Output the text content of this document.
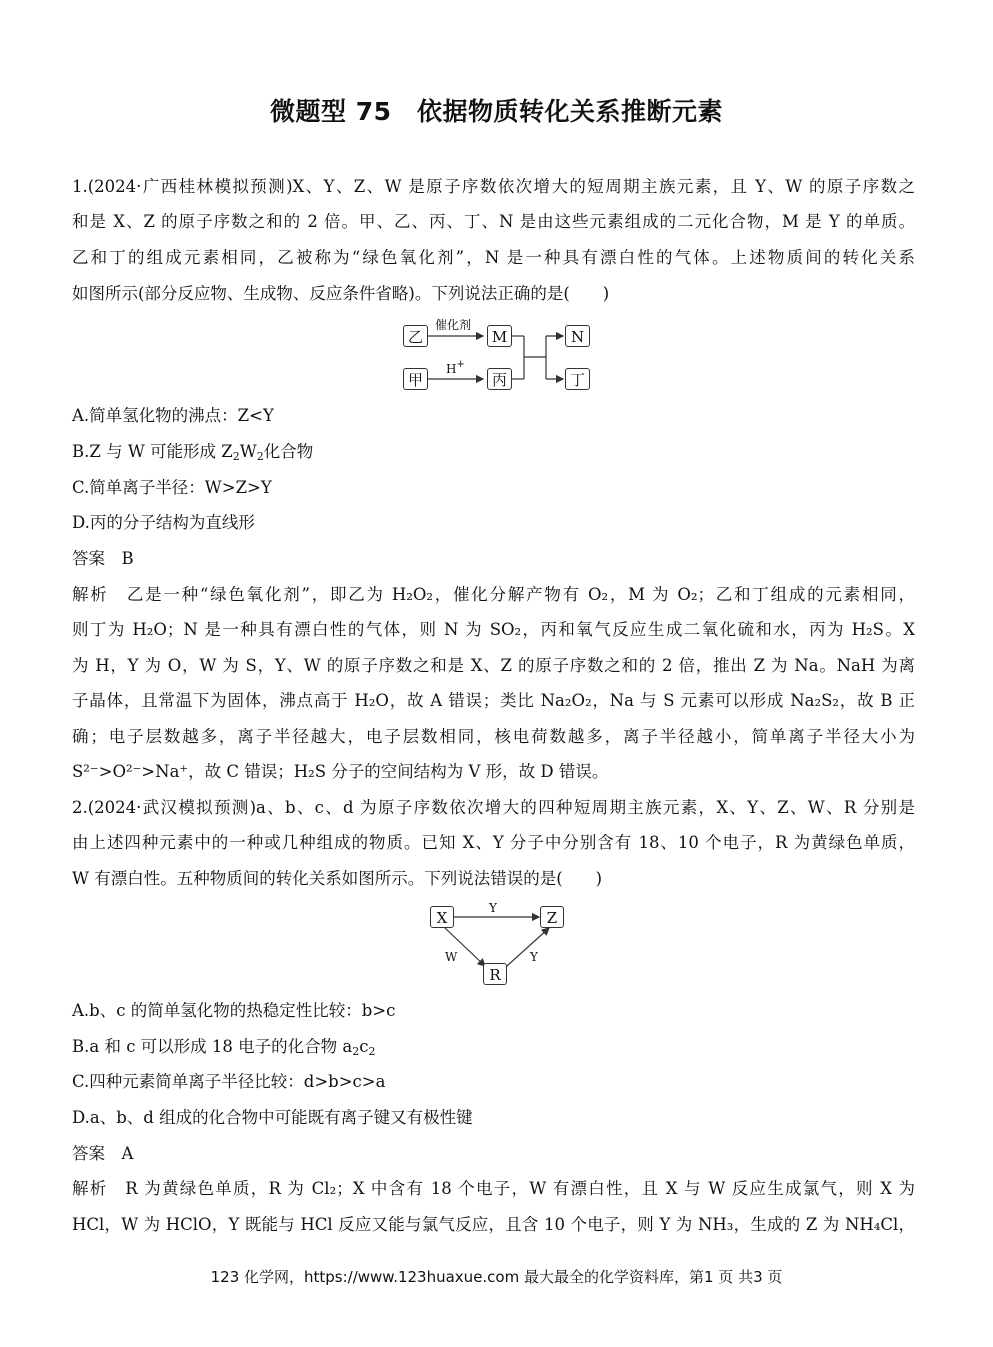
微题型 75　依据物质转化关系推断元素
1.(2024·广西桂林模拟预测)X、Y、Z、W 是原子序数依次增大的短周期主族元素，且 Y、W 的原子序数之
和是 X、Z 的原子序数之和的 2 倍。甲、乙、丙、丁、N 是由这些元素组成的二元化合物，M 是 Y 的单质。
乙和丁的组成元素相同，乙被称为“绿色氧化剂”，N 是一种具有漂白性的气体。上述物质间的转化关系
如图所示(部分反应物、生成物、反应条件省略)。下列说法正确的是(　　)
乙
甲
M
丙
N
丁
催化剂
H+
A.简单氢化物的沸点：Z<Y
B.Z 与 W 可能形成 $Z_2W_2$化合物
C.简单离子半径：W>Z>Y
D.丙的分子结构为直线形
答案　B
解析　乙是一种“绿色氧化剂”，即乙为 H₂O₂，催化分解产物有 O₂，M 为 O₂；乙和丁组成的元素相同，
则丁为 H₂O；N 是一种具有漂白性的气体，则 N 为 SO₂，丙和氧气反应生成二氧化硫和水，丙为 H₂S。X
为 H，Y 为 O，W 为 S，Y、W 的原子序数之和是 X、Z 的原子序数之和的 2 倍，推出 Z 为 Na。NaH 为离
子晶体，且常温下为固体，沸点高于 H₂O，故 A 错误；类比 Na₂O₂，Na 与 S 元素可以形成 Na₂S₂，故 B 正
确；电子层数越多，离子半径越大，电子层数相同，核电荷数越多，离子半径越小，简单离子半径大小为
S²⁻>O²⁻>Na⁺，故 C 错误；H₂S 分子的空间结构为 V 形，故 D 错误。
2.(2024·武汉模拟预测)a、b、c、d 为原子序数依次增大的四种短周期主族元素，X、Y、Z、W、R 分别是
由上述四种元素中的一种或几种组成的物质。已知 X、Y 分子中分别含有 18、10 个电子，R 为黄绿色单质，
W 有漂白性。五种物质间的转化关系如图所示。下列说法错误的是(　　)
X	Z
R
Y
W	Y
A.b、c 的简单氢化物的热稳定性比较：b>c
B.a 和 c 可以形成 18 电子的化合物 $a_2c_2$
C.四种元素简单离子半径比较：d>b>c>a
D.a、b、d 组成的化合物中可能既有离子键又有极性键
答案　A
解析　R 为黄绿色单质，R 为 Cl₂；X 中含有 18 个电子，W 有漂白性，且 X 与 W 反应生成氯气，则 X 为
HCl，W 为 HClO，Y 既能与 HCl 反应又能与氯气反应，且含 10 个电子，则 Y 为 NH₃，生成的 Z 为 NH₄Cl，
123 化学网，https://www.123huaxue.com 最大最全的化学资料库，第1 页 共3 页
